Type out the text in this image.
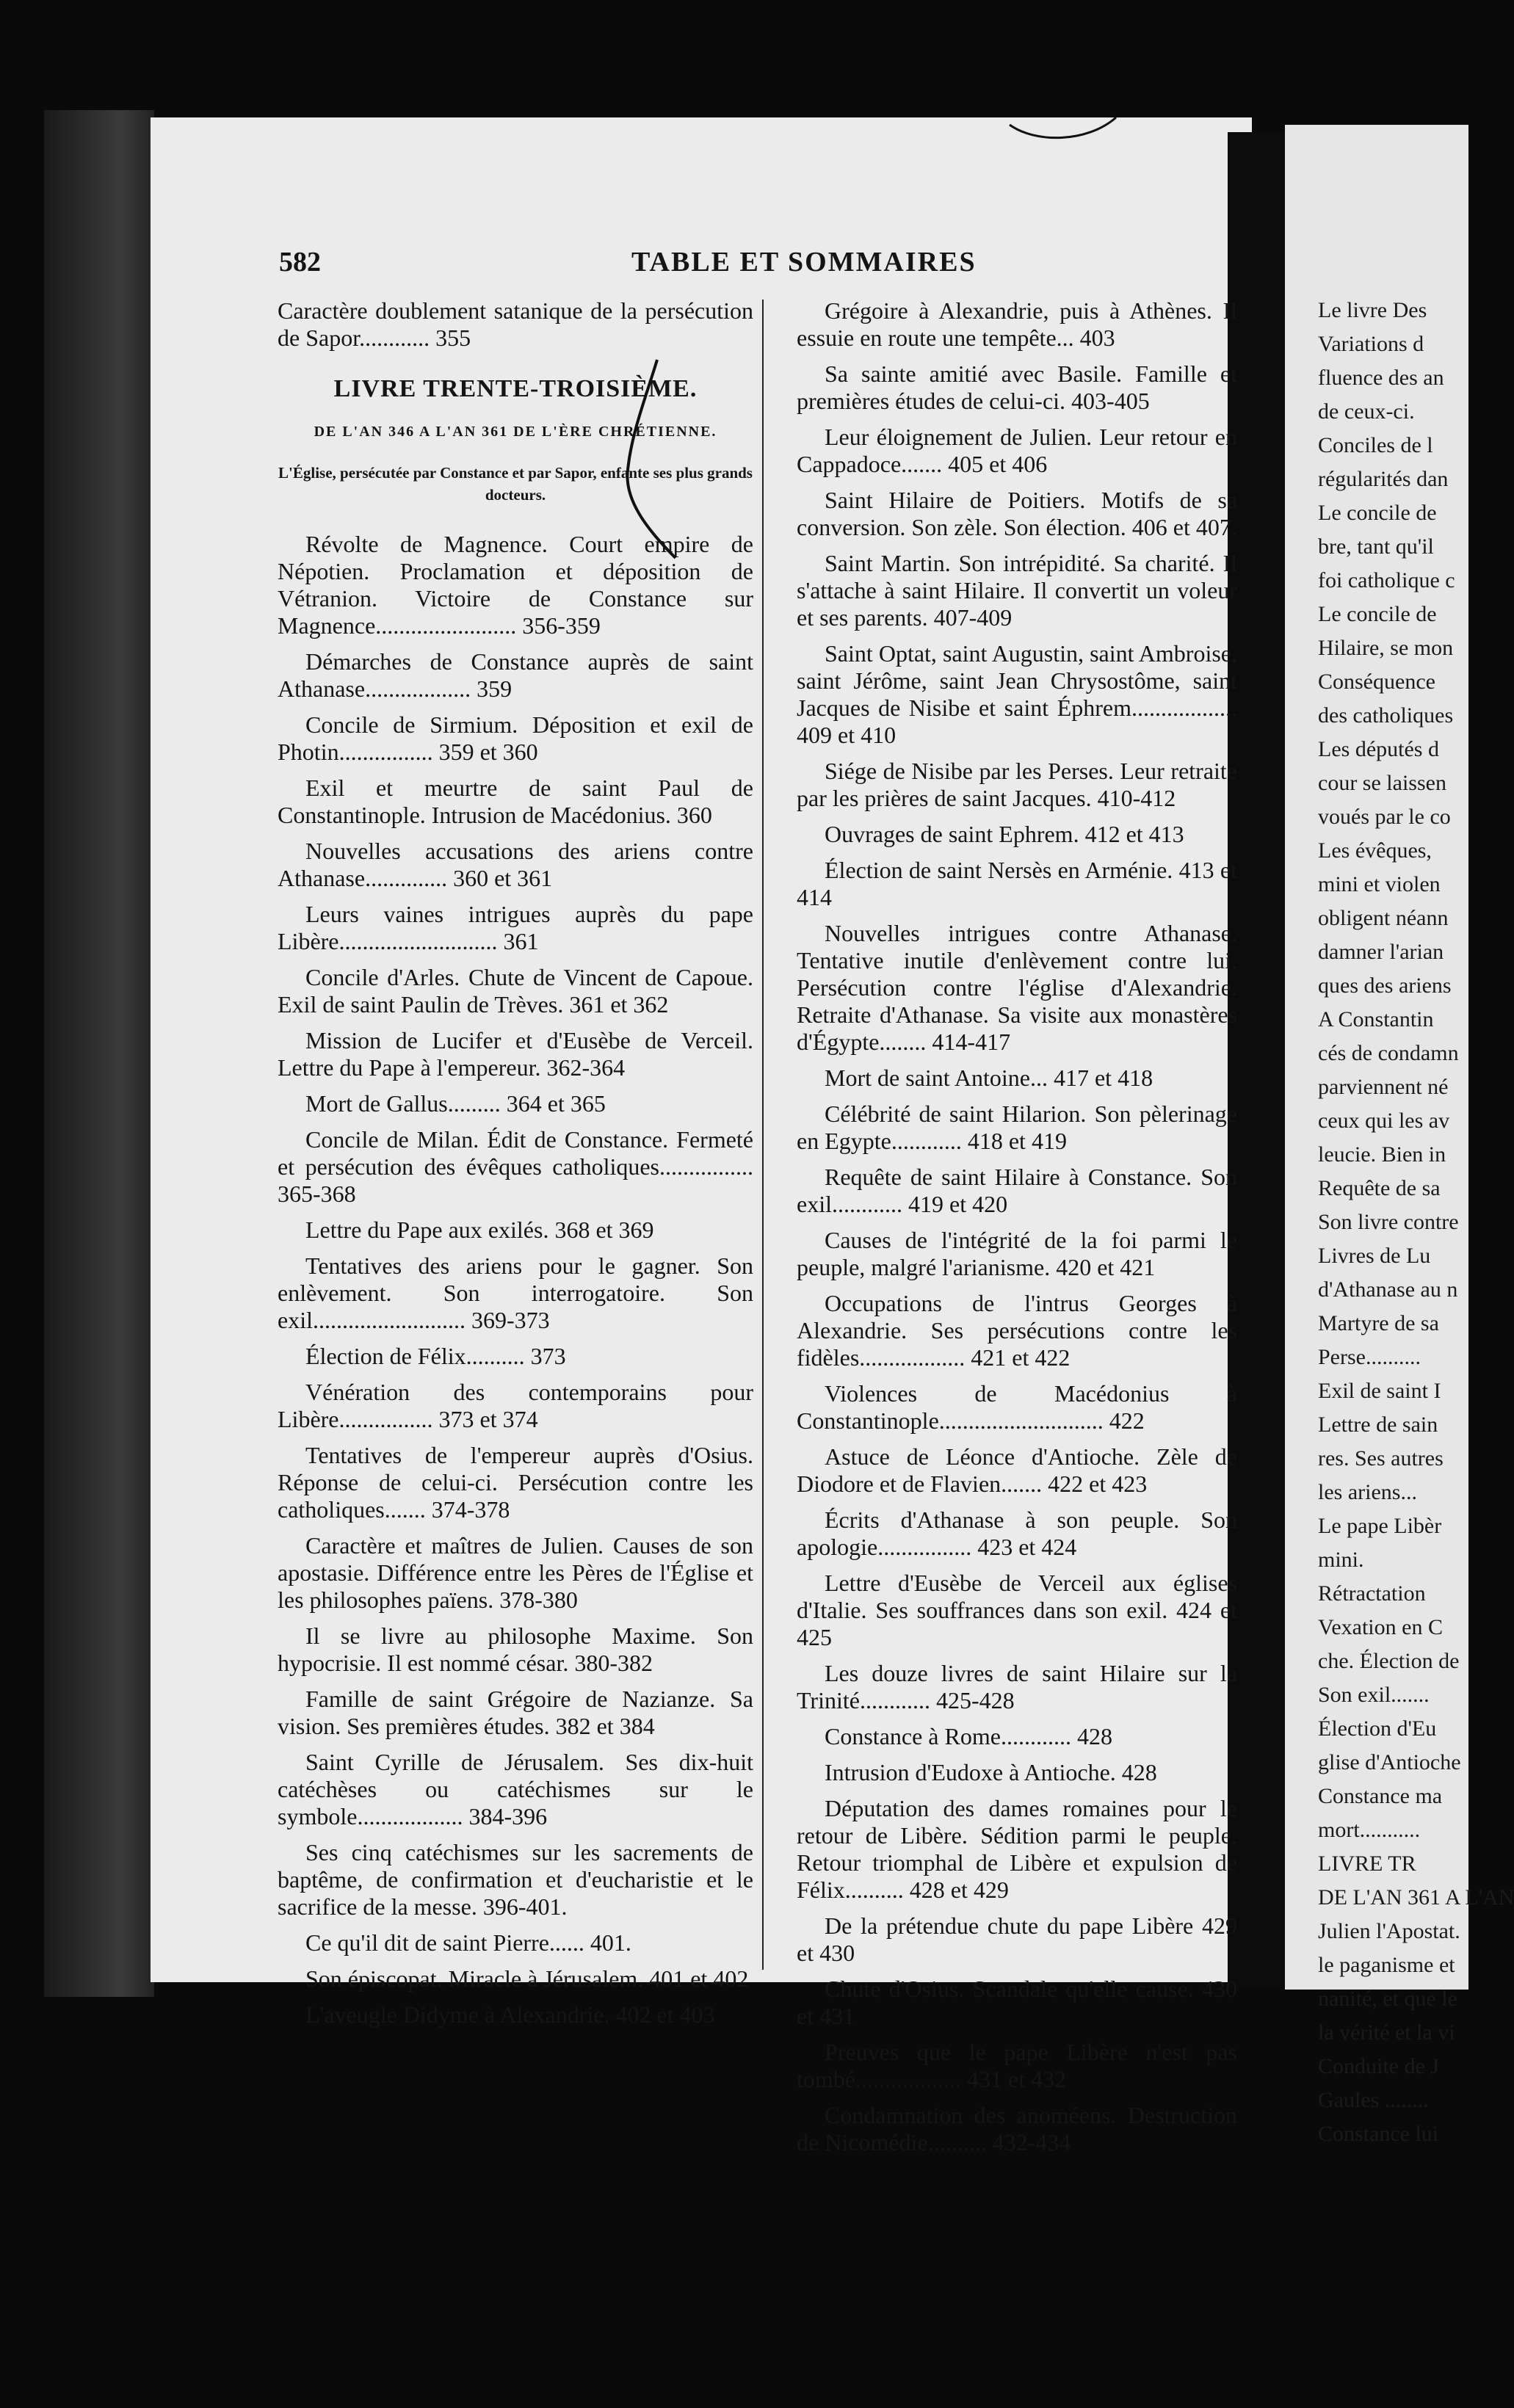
582	TABLE ET SOMMAIRES
Caractère doublement satanique de la persécution de Sapor............ 355
LIVRE TRENTE-TROISIÈME.
DE L'AN 346 A L'AN 361 DE L'ÈRE CHRÉTIENNE.
L'Église, persécutée par Constance et par Sapor, enfante ses plus grands docteurs.
Révolte de Magnence. Court empire de Népotien. Proclamation et déposition de Vétranion. Victoire de Constance sur Magnence........................ 356-359
Démarches de Constance auprès de saint Athanase.................. 359
Concile de Sirmium. Déposition et exil de Photin................ 359 et 360
Exil et meurtre de saint Paul de Constantinople. Intrusion de Macédonius. 360
Nouvelles accusations des ariens contre Athanase.............. 360 et 361
Leurs vaines intrigues auprès du pape Libère........................... 361
Concile d'Arles. Chute de Vincent de Capoue. Exil de saint Paulin de Trèves. 361 et 362
Mission de Lucifer et d'Eusèbe de Verceil. Lettre du Pape à l'empereur. 362-364
Mort de Gallus......... 364 et 365
Concile de Milan. Édit de Constance. Fermeté et persécution des évêques catholiques................ 365-368
Lettre du Pape aux exilés. 368 et 369
Tentatives des ariens pour le gagner. Son enlèvement. Son interrogatoire. Son exil.......................... 369-373
Élection de Félix.......... 373
Vénération des contemporains pour Libère................ 373 et 374
Tentatives de l'empereur auprès d'Osius. Réponse de celui-ci. Persécution contre les catholiques....... 374-378
Caractère et maîtres de Julien. Causes de son apostasie. Différence entre les Pères de l'Église et les philosophes païens. 378-380
Il se livre au philosophe Maxime. Son hypocrisie. Il est nommé césar. 380-382
Famille de saint Grégoire de Nazianze. Sa vision. Ses premières études. 382 et 384
Saint Cyrille de Jérusalem. Ses dix-huit catéchèses ou catéchismes sur le symbole.................. 384-396
Ses cinq catéchismes sur les sacrements de baptême, de confirmation et d'eucharistie et le sacrifice de la messe. 396-401.
Ce qu'il dit de saint Pierre...... 401.
Son épiscopat. Miracle à Jérusalem. 401 et 402
L'aveugle Didyme à Alexandrie. 402 et 403
Grégoire à Alexandrie, puis à Athènes. Il essuie en route une tempête... 403
Sa sainte amitié avec Basile. Famille et premières études de celui-ci. 403-405
Leur éloignement de Julien. Leur retour en Cappadoce....... 405 et 406
Saint Hilaire de Poitiers. Motifs de sa conversion. Son zèle. Son élection. 406 et 407.
Saint Martin. Son intrépidité. Sa charité. Il s'attache à saint Hilaire. Il convertit un voleur et ses parents. 407-409
Saint Optat, saint Augustin, saint Ambroise, saint Jérôme, saint Jean Chrysostôme, saint Jacques de Nisibe et saint Éphrem.................. 409 et 410
Siége de Nisibe par les Perses. Leur retraite par les prières de saint Jacques. 410-412
Ouvrages de saint Ephrem. 412 et 413
Élection de saint Nersès en Arménie. 413 et 414
Nouvelles intrigues contre Athanase. Tentative inutile d'enlèvement contre lui. Persécution contre l'église d'Alexandrie. Retraite d'Athanase. Sa visite aux monastères d'Égypte........ 414-417
Mort de saint Antoine... 417 et 418
Célébrité de saint Hilarion. Son pèlerinage en Egypte............ 418 et 419
Requête de saint Hilaire à Constance. Son exil............ 419 et 420
Causes de l'intégrité de la foi parmi le peuple, malgré l'arianisme. 420 et 421
Occupations de l'intrus Georges à Alexandrie. Ses persécutions contre les fidèles.................. 421 et 422
Violences de Macédonius à Constantinople............................ 422
Astuce de Léonce d'Antioche. Zèle de Diodore et de Flavien....... 422 et 423
Écrits d'Athanase à son peuple. Son apologie................ 423 et 424
Lettre d'Eusèbe de Verceil aux églises d'Italie. Ses souffrances dans son exil. 424 et 425
Les douze livres de saint Hilaire sur la Trinité............ 425-428
Constance à Rome............ 428
Intrusion d'Eudoxe à Antioche. 428
Députation des dames romaines pour le retour de Libère. Sédition parmi le peuple. Retour triomphal de Libère et expulsion de Félix.......... 428 et 429
De la prétendue chute du pape Libère 429 et 430
Chute d'Osius. Scandale qu'elle cause. 430 et 431
Preuves que le pape Libère n'est pas tombé.................. 431 et 432
Condamnation des anoméens. Destruction de Nicomédie.......... 432-434
Le livre Des
Variations d
fluence des an
de ceux-ci.
Conciles de l
régularités dan
Le concile de
bre, tant qu'il
foi catholique c
Le concile de
Hilaire, se mon
Conséquence
des catholiques
Les députés d
cour se laissen
voués par le co
Les évêques,
mini et violen
obligent néann
damner l'arian
ques des ariens
A Constantin
cés de condamn
parviennent né
ceux qui les av
leucie. Bien in
Requête de sa
Son livre contre
Livres de Lu
d'Athanase au n
Martyre de sa
Perse..........
Exil de saint I
Lettre de sain
res. Ses autres
les ariens...
Le pape Libèr
mini.
Rétractation
Vexation en C
che. Élection de
Son exil.......
Élection d'Eu
glise d'Antioche
Constance ma
mort...........
LIVRE TR
DE L'AN 361 A L'AN
Julien l'Apostat.
le paganisme et
nanité, et que le
la vérité et la vi
Conduite de J
Gaules ........
Constance lui
